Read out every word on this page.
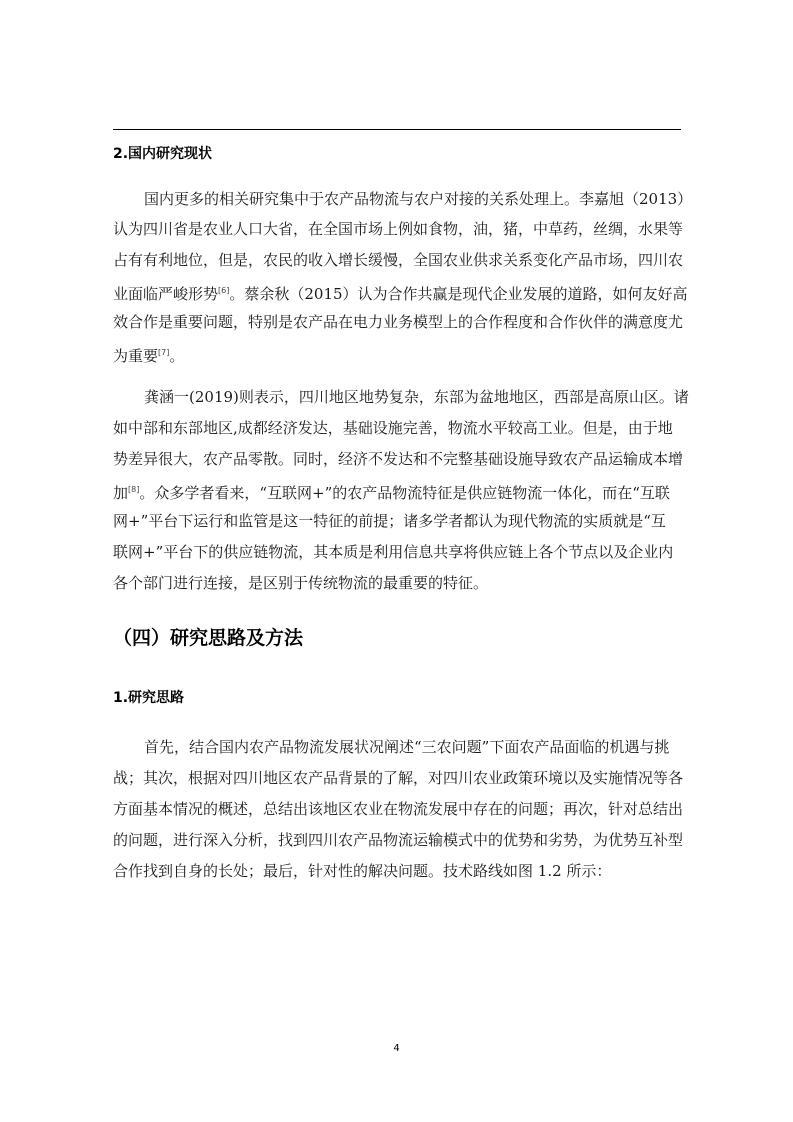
2.国内研究现状
国内更多的相关研究集中于农产品物流与农户对接的关系处理上。李嘉旭（2013）
认为四川省是农业人口大省，在全国市场上例如食物，油，猪，中草药，丝绸，水果等
占有有利地位，但是，农民的收入增长缓慢，全国农业供求关系变化产品市场，四川农
业面临严峻形势[6]。蔡余秋（2015）认为合作共赢是现代企业发展的道路，如何友好高
效合作是重要问题，特别是农产品在电力业务模型上的合作程度和合作伙伴的满意度尤
为重要[7]。
龚涵一(2019)则表示，四川地区地势复杂，东部为盆地地区，西部是高原山区。诸
如中部和东部地区,成都经济发达，基础设施完善，物流水平较高工业。但是，由于地
势差异很大，农产品零散。同时，经济不发达和不完整基础设施导致农产品运输成本增
加[8]。众多学者看来，“互联网+”的农产品物流特征是供应链物流一体化，而在“互联
网+”平台下运行和监管是这一特征的前提；诸多学者都认为现代物流的实质就是“互
联网+”平台下的供应链物流，其本质是利用信息共享将供应链上各个节点以及企业内
各个部门进行连接，是区别于传统物流的最重要的特征。
（四）研究思路及方法
1.研究思路
首先，结合国内农产品物流发展状况阐述“三农问题”下面农产品面临的机遇与挑
战；其次，根据对四川地区农产品背景的了解，对四川农业政策环境以及实施情况等各
方面基本情况的概述，总结出该地区农业在物流发展中存在的问题；再次，针对总结出
的问题，进行深入分析，找到四川农产品物流运输模式中的优势和劣势，为优势互补型
合作找到自身的长处；最后，针对性的解决问题。技术路线如图 1.2 所示：
4
